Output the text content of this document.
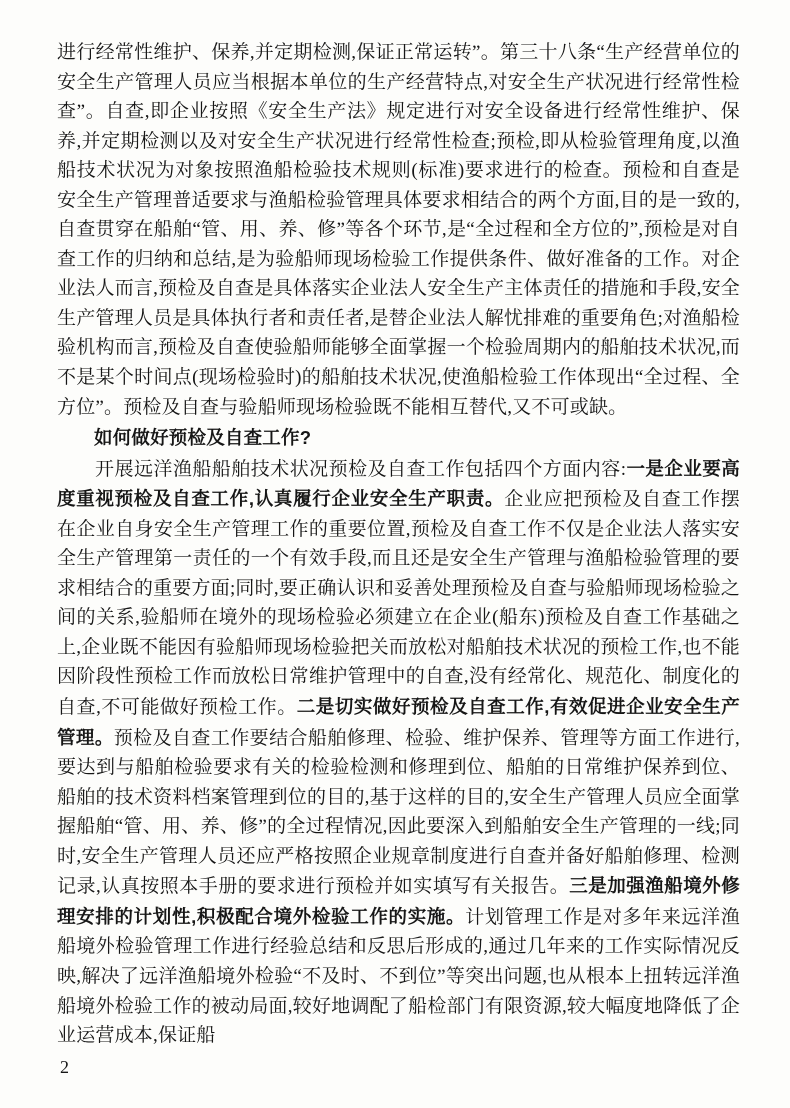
进行经常性维护、保养,并定期检测,保证正常运转”。第三十八条“生产经营单位的安全生产管理人员应当根据本单位的生产经营特点,对安全生产状况进行经常性检查”。自查,即企业按照《安全生产法》规定进行对安全设备进行经常性维护、保养,并定期检测以及对安全生产状况进行经常性检查;预检,即从检验管理角度,以渔船技术状况为对象按照渔船检验技术规则(标准)要求进行的检查。预检和自查是安全生产管理普适要求与渔船检验管理具体要求相结合的两个方面,目的是一致的,自查贯穿在船舶“管、用、养、修”等各个环节,是“全过程和全方位的”,预检是对自查工作的归纳和总结,是为验船师现场检验工作提供条件、做好准备的工作。对企业法人而言,预检及自查是具体落实企业法人安全生产主体责任的措施和手段,安全生产管理人员是具体执行者和责任者,是替企业法人解忧排难的重要角色;对渔船检验机构而言,预检及自查使验船师能够全面掌握一个检验周期内的船舶技术状况,而不是某个时间点(现场检验时)的船舶技术状况,使渔船检验工作体现出“全过程、全方位”。预检及自查与验船师现场检验既不能相互替代,又不可或缺。

如何做好预检及自查工作?

开展远洋渔船船舶技术状况预检及自查工作包括四个方面内容:一是企业要高度重视预检及自查工作,认真履行企业安全生产职责。企业应把预检及自查工作摆在企业自身安全生产管理工作的重要位置,预检及自查工作不仅是企业法人落实安全生产管理第一责任的一个有效手段,而且还是安全生产管理与渔船检验管理的要求相结合的重要方面;同时,要正确认识和妥善处理预检及自查与验船师现场检验之间的关系,验船师在境外的现场检验必须建立在企业(船东)预检及自查工作基础之上,企业既不能因有验船师现场检验把关而放松对船舶技术状况的预检工作,也不能因阶段性预检工作而放松日常维护管理中的自查,没有经常化、规范化、制度化的自查,不可能做好预检工作。二是切实做好预检及自查工作,有效促进企业安全生产管理。预检及自查工作要结合船舶修理、检验、维护保养、管理等方面工作进行,要达到与船舶检验要求有关的检验检测和修理到位、船舶的日常维护保养到位、船舶的技术资料档案管理到位的目的,基于这样的目的,安全生产管理人员应全面掌握船舶“管、用、养、修”的全过程情况,因此要深入到船舶安全生产管理的一线;同时,安全生产管理人员还应严格按照企业规章制度进行自查并备好船舶修理、检测记录,认真按照本手册的要求进行预检并如实填写有关报告。三是加强渔船境外修理安排的计划性,积极配合境外检验工作的实施。计划管理工作是对多年来远洋渔船境外检验管理工作进行经验总结和反思后形成的,通过几年来的工作实际情况反映,解决了远洋渔船境外检验“不及时、不到位”等突出问题,也从根本上扭转远洋渔船境外检验工作的被动局面,较好地调配了船检部门有限资源,较大幅度地降低了企业运营成本,保证船

2
